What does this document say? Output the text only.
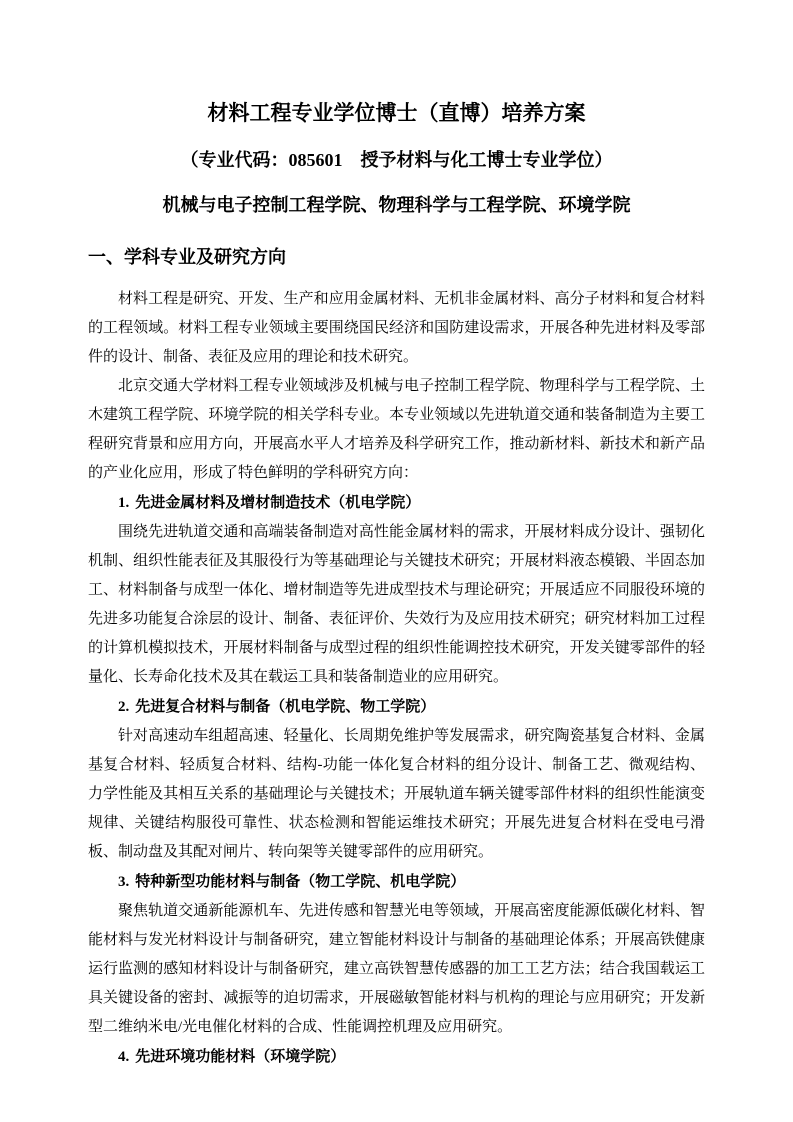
材料工程专业学位博士（直博）培养方案
（专业代码：085601　授予材料与化工博士专业学位）
机械与电子控制工程学院、物理科学与工程学院、环境学院
一、学科专业及研究方向

材料工程是研究、开发、生产和应用金属材料、无机非金属材料、高分子材料和复合材料的工程领域。材料工程专业领域主要围绕国民经济和国防建设需求，开展各种先进材料及零部件的设计、制备、表征及应用的理论和技术研究。

北京交通大学材料工程专业领域涉及机械与电子控制工程学院、物理科学与工程学院、土木建筑工程学院、环境学院的相关学科专业。本专业领域以先进轨道交通和装备制造为主要工程研究背景和应用方向，开展高水平人才培养及科学研究工作，推动新材料、新技术和新产品的产业化应用，形成了特色鲜明的学科研究方向：

1. 先进金属材料及增材制造技术（机电学院）

围绕先进轨道交通和高端装备制造对高性能金属材料的需求，开展材料成分设计、强韧化机制、组织性能表征及其服役行为等基础理论与关键技术研究；开展材料液态模锻、半固态加工、材料制备与成型一体化、增材制造等先进成型技术与理论研究；开展适应不同服役环境的先进多功能复合涂层的设计、制备、表征评价、失效行为及应用技术研究；研究材料加工过程的计算机模拟技术，开展材料制备与成型过程的组织性能调控技术研究，开发关键零部件的轻量化、长寿命化技术及其在载运工具和装备制造业的应用研究。

2. 先进复合材料与制备（机电学院、物工学院）

针对高速动车组超高速、轻量化、长周期免维护等发展需求，研究陶瓷基复合材料、金属基复合材料、轻质复合材料、结构-功能一体化复合材料的组分设计、制备工艺、微观结构、力学性能及其相互关系的基础理论与关键技术；开展轨道车辆关键零部件材料的组织性能演变规律、关键结构服役可靠性、状态检测和智能运维技术研究；开展先进复合材料在受电弓滑板、制动盘及其配对闸片、转向架等关键零部件的应用研究。

3. 特种新型功能材料与制备（物工学院、机电学院）

聚焦轨道交通新能源机车、先进传感和智慧光电等领域，开展高密度能源低碳化材料、智能材料与发光材料设计与制备研究，建立智能材料设计与制备的基础理论体系；开展高铁健康运行监测的感知材料设计与制备研究，建立高铁智慧传感器的加工工艺方法；结合我国载运工具关键设备的密封、减振等的迫切需求，开展磁敏智能材料与机构的理论与应用研究；开发新型二维纳米电/光电催化材料的合成、性能调控机理及应用研究。

4. 先进环境功能材料（环境学院）
